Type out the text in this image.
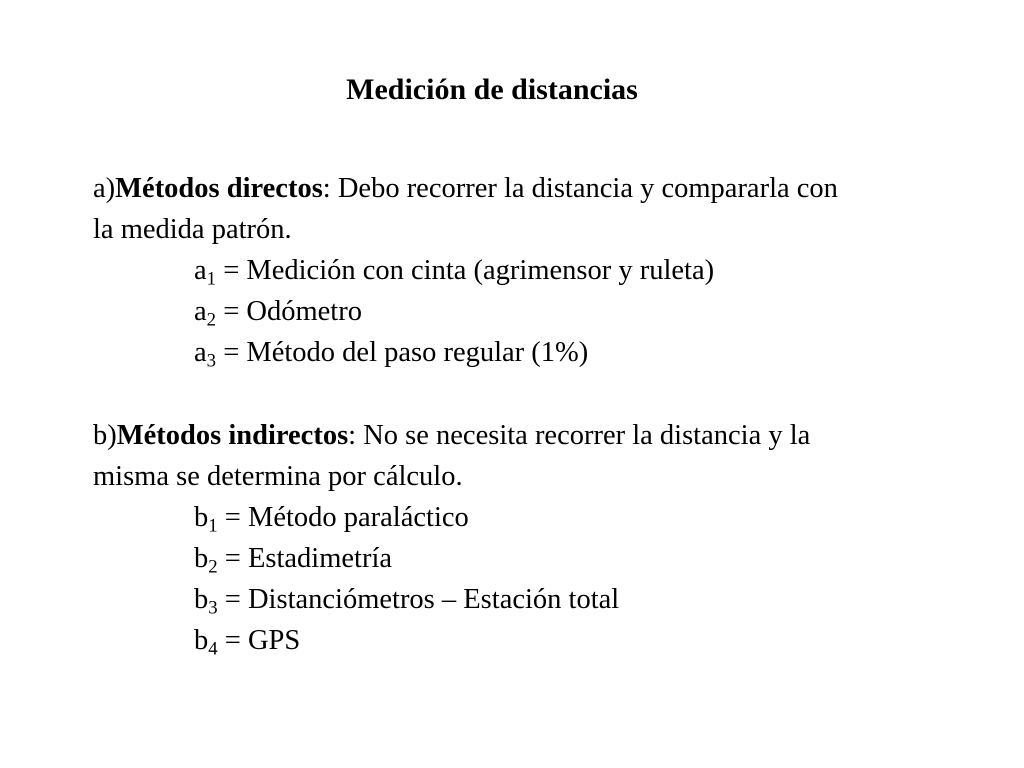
Medición de distancias
a)Métodos directos: Debo recorrer la distancia y compararla con
la medida patrón.
$a_1$ = Medición con cinta (agrimensor y ruleta)
$a_2$ = Odómetro
$a_3$ = Método del paso regular (1%)
b)Métodos indirectos: No se necesita recorrer la distancia y la
misma se determina por cálculo.
$b_1$ = Método paraláctico
$b_2$ = Estadimetría
$b_3$ = Distanciómetros – Estación total
$b_4$ = GPS
